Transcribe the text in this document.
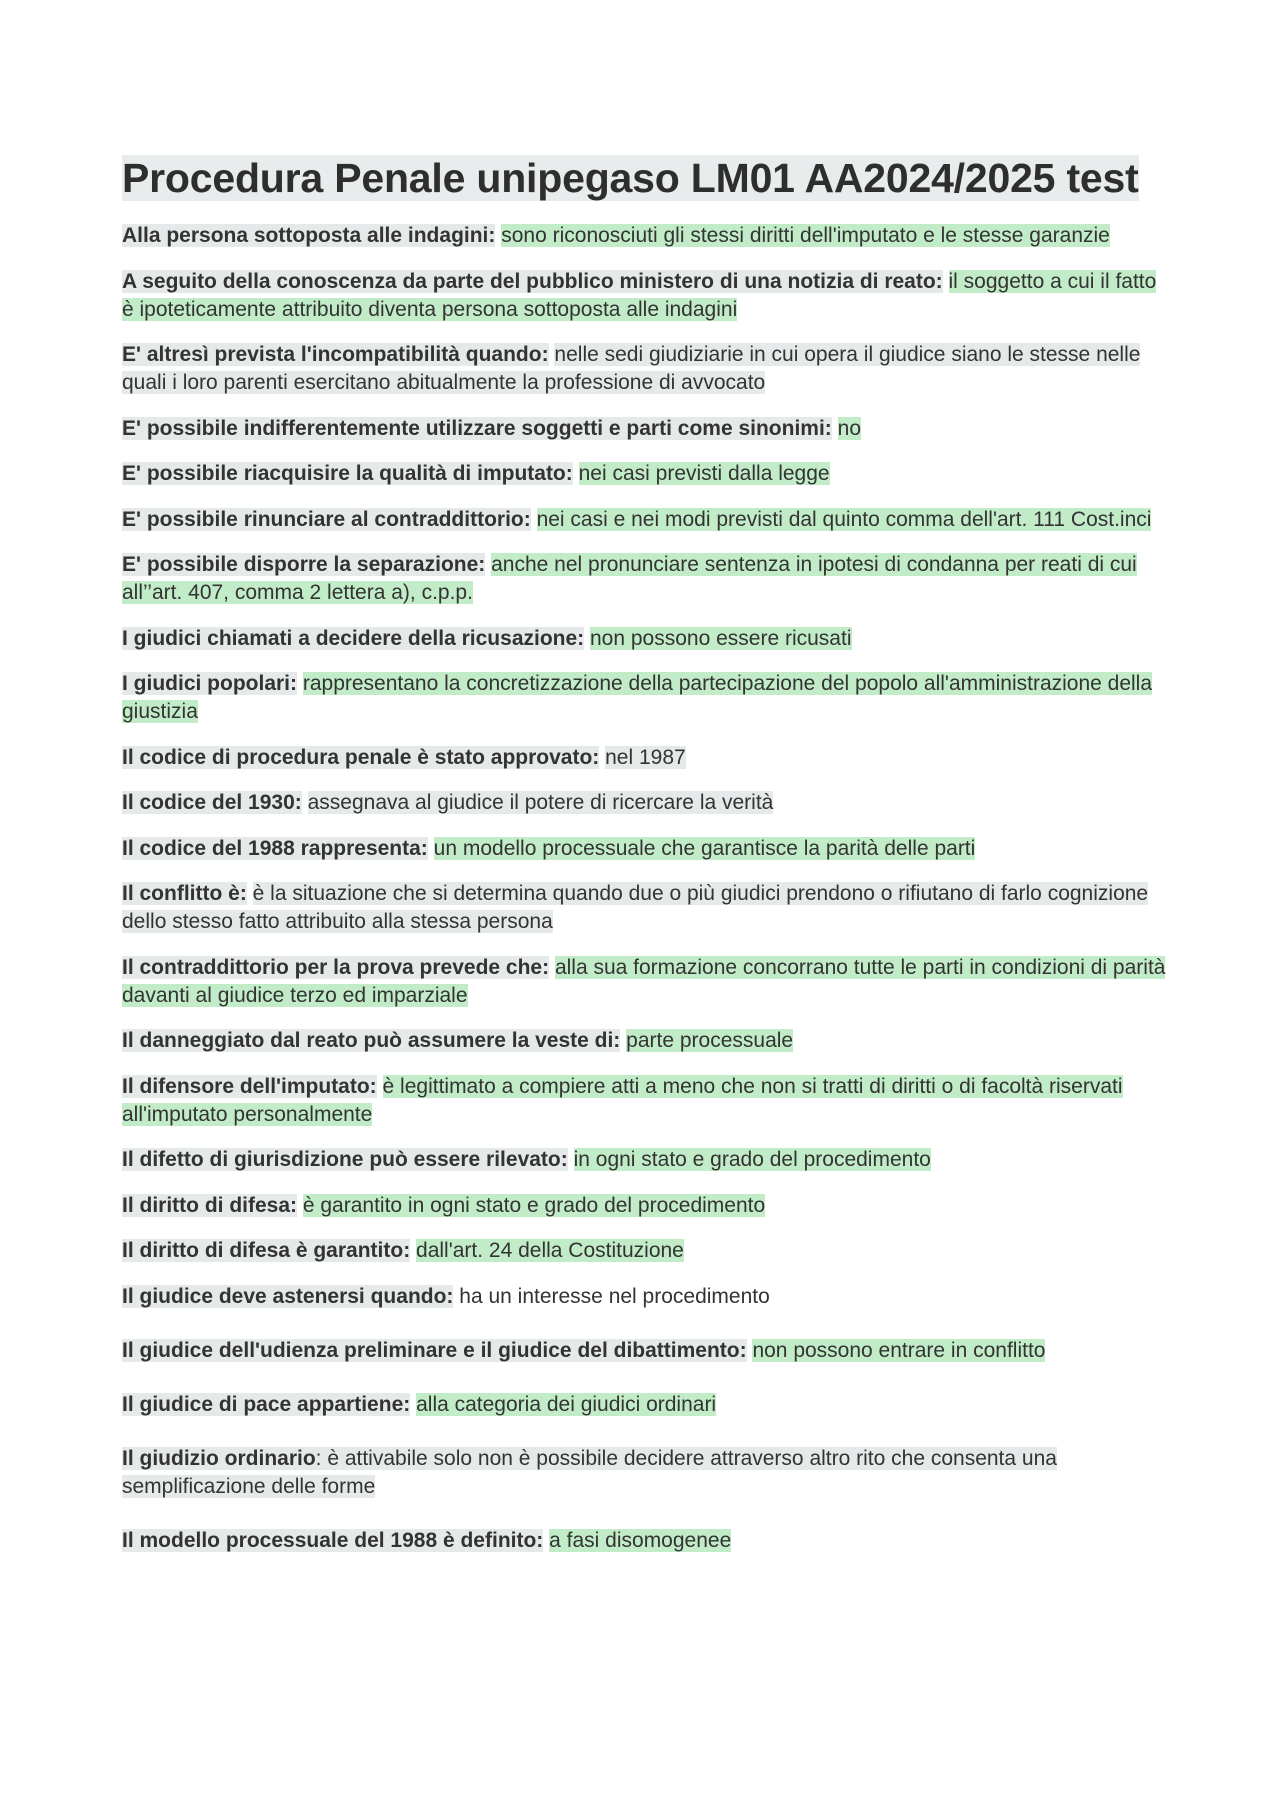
Procedura Penale unipegaso LM01 AA2024/2025 test
Alla persona sottoposta alle indagini: sono riconosciuti gli stessi diritti dell'imputato e le stesse garanzie
A seguito della conoscenza da parte del pubblico ministero di una notizia di reato: il soggetto a cui il fatto è ipoteticamente attribuito diventa persona sottoposta alle indagini
E' altresì prevista l'incompatibilità quando: nelle sedi giudiziarie in cui opera il giudice siano le stesse nelle quali i loro parenti esercitano abitualmente la professione di avvocato
E' possibile indifferentemente utilizzare soggetti e parti come sinonimi: no
E' possibile riacquisire la qualità di imputato: nei casi previsti dalla legge
E' possibile rinunciare al contraddittorio: nei casi e nei modi previsti dal quinto comma dell'art. 111 Cost.inci
E' possibile disporre la separazione: anche nel pronunciare sentenza in ipotesi di condanna per reati di cui all’’art. 407, comma 2 lettera a), c.p.p.
I giudici chiamati a decidere della ricusazione: non possono essere ricusati
I giudici popolari: rappresentano la concretizzazione della partecipazione del popolo all'amministrazione della giustizia
Il codice di procedura penale è stato approvato: nel 1987
Il codice del 1930: assegnava al giudice il potere di ricercare la verità
Il codice del 1988 rappresenta: un modello processuale che garantisce la parità delle parti
Il conflitto è: è la situazione che si determina quando due o più giudici prendono o rifiutano di farlo cognizione dello stesso fatto attribuito alla stessa persona
Il contraddittorio per la prova prevede che: alla sua formazione concorrano tutte le parti in condizioni di parità davanti al giudice terzo ed imparziale
Il danneggiato dal reato può assumere la veste di: parte processuale
Il difensore dell'imputato: è legittimato a compiere atti a meno che non si tratti di diritti o di facoltà riservati all'imputato personalmente
Il difetto di giurisdizione può essere rilevato: in ogni stato e grado del procedimento
Il diritto di difesa: è garantito in ogni stato e grado del procedimento
Il diritto di difesa è garantito: dall'art. 24 della Costituzione
Il giudice deve astenersi quando: ha un interesse nel procedimento
Il giudice dell'udienza preliminare e il giudice del dibattimento: non possono entrare in conflitto
Il giudice di pace appartiene: alla categoria dei giudici ordinari
Il giudizio ordinario: è attivabile solo non è possibile decidere attraverso altro rito che consenta una semplificazione delle forme
Il modello processuale del 1988 è definito: a fasi disomogenee
